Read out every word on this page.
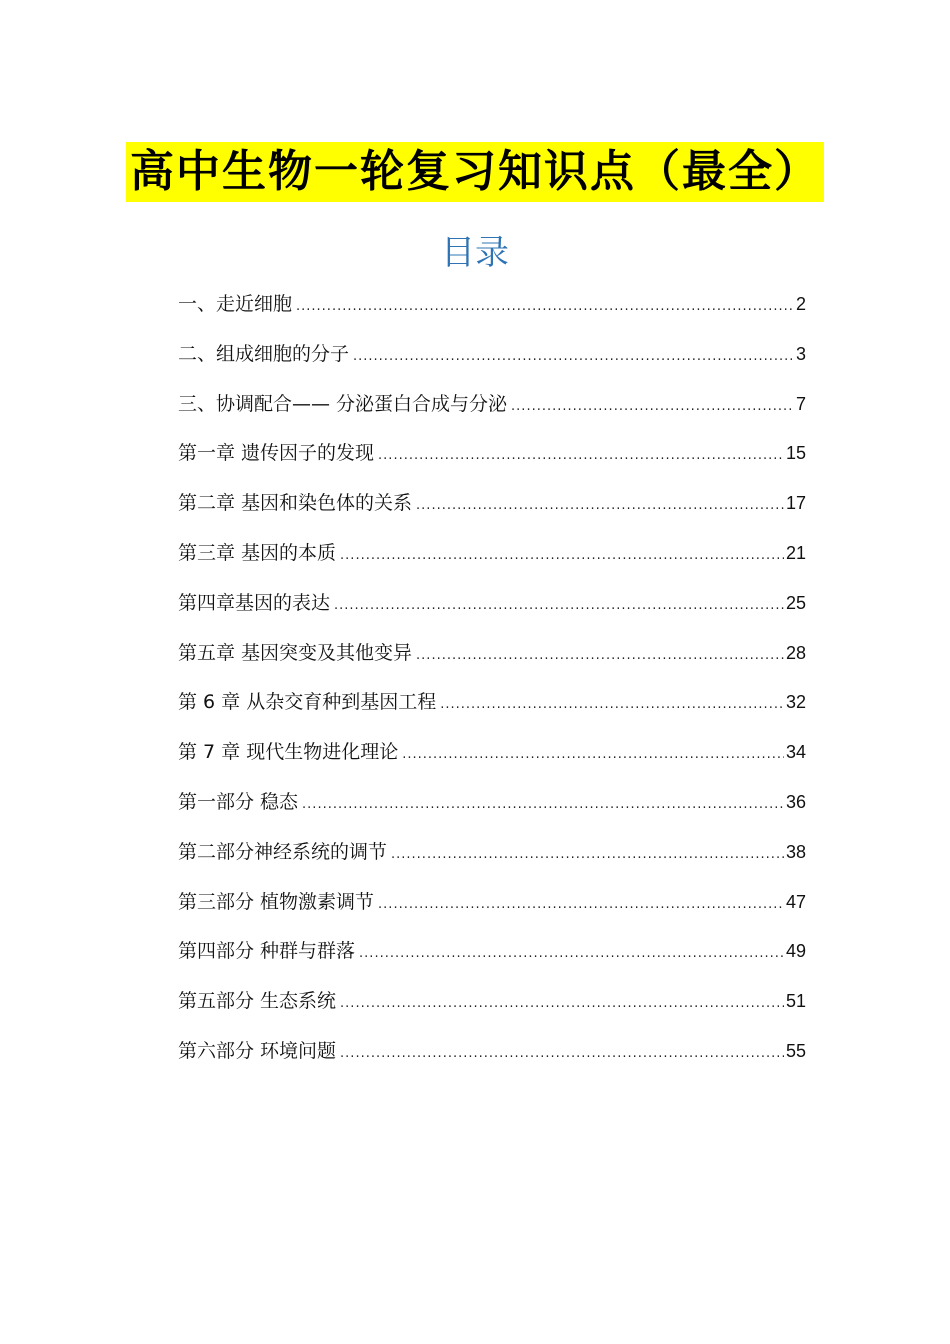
高中生物一轮复习知识点（最全）
目录
一、走近细胞 .....	2
二、组成细胞的分子 .....	3
三、协调配合—— 分泌蛋白合成与分泌 .....	7
第一章 遗传因子的发现 .....	15
第二章 基因和染色体的关系 .....	17
第三章 基因的本质 .....	21
第四章基因的表达 .....	25
第五章 基因突变及其他变异 .....	28
第 6 章 从杂交育种到基因工程 .....	32
第 7 章 现代生物进化理论 .....	34
第一部分 稳态 .....	36
第二部分神经系统的调节 .....	38
第三部分 植物激素调节 .....	47
第四部分 种群与群落 .....	49
第五部分 生态系统 .....	51
第六部分 环境问题 .....	55
